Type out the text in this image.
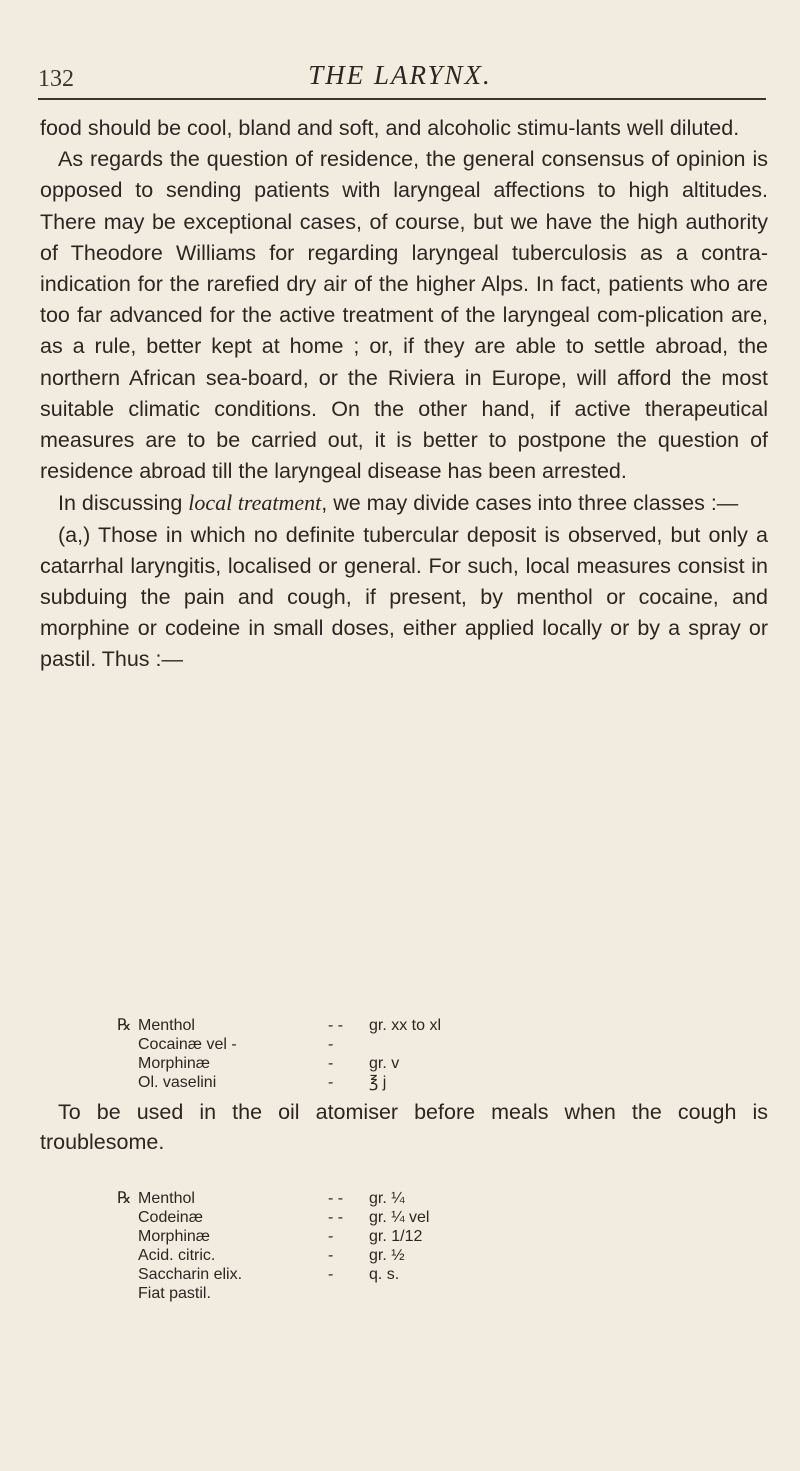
132	THE LARYNX.

food should be cool, bland and soft, and alcoholic stimu-lants well diluted.

As regards the question of residence, the general consensus of opinion is opposed to sending patients with laryngeal affections to high altitudes. There may be exceptional cases, of course, but we have the high authority of Theodore Williams for regarding laryngeal tuberculosis as a contra-indication for the rarefied dry air of the higher Alps. In fact, patients who are too far advanced for the active treatment of the laryngeal com-plication are, as a rule, better kept at home ; or, if they are able to settle abroad, the northern African sea-board, or the Riviera in Europe, will afford the most suitable climatic conditions. On the other hand, if active therapeutical measures are to be carried out, it is better to postpone the question of residence abroad till the laryngeal disease has been arrested.

In discussing local treatment, we may divide cases into three classes :—

(a,) Those in which no definite tubercular deposit is observed, but only a catarrhal laryngitis, localised or general. For such, local measures consist in subduing the pain and cough, if present, by menthol or cocaine, and morphine or codeine in small doses, either applied locally or by a spray or pastil. Thus :—

℞	Menthol	- -	gr. xx to xl
	Cocainæ vel -	-	
	Morphinæ	-	gr. v
	Ol. vaselini	-	℥ j

To be used in the oil atomiser before meals when the cough is troublesome.

℞	Menthol	- -	gr. ¼
	Codeinæ	- -	gr. ¼ vel
	Morphinæ	-	gr. 1/12
	Acid. citric.	-	gr. ½
	Saccharin elix.	-	q. s.
	Fiat pastil.		
